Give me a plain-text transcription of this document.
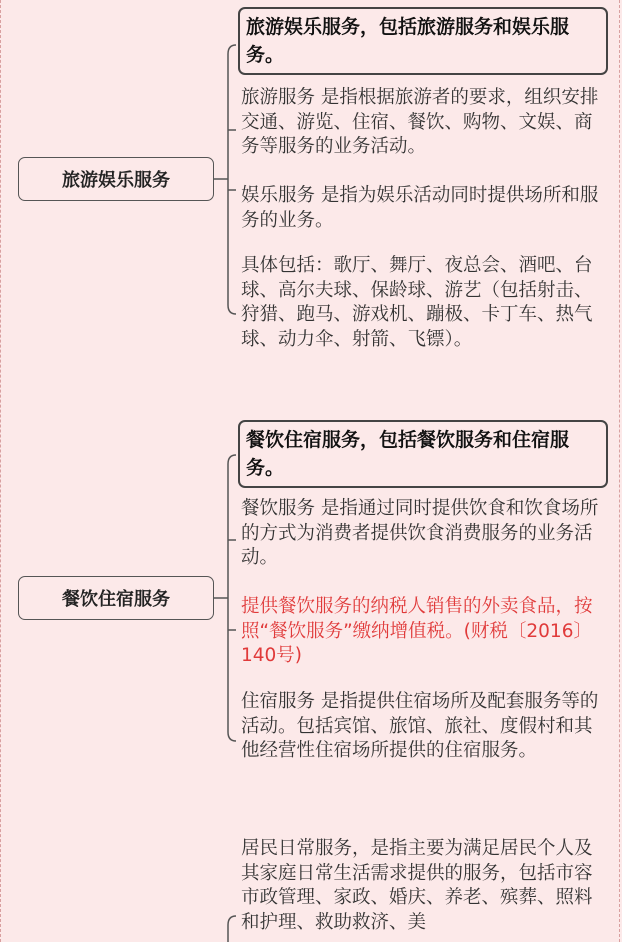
旅游娱乐服务
旅游娱乐服务，包括旅游服务和娱乐服务。
旅游服务 是指根据旅游者的要求，组织安排交通、游览、住宿、餐饮、购物、文娱、商务等服务的业务活动。
娱乐服务 是指为娱乐活动同时提供场所和服务的业务。
具体包括：歌厅、舞厅、夜总会、酒吧、台球、高尔夫球、保龄球、游艺（包括射击、狩猎、跑马、游戏机、蹦极、卡丁车、热气球、动力伞、射箭、飞镖）。
餐饮住宿服务
餐饮住宿服务，包括餐饮服务和住宿服务。
餐饮服务 是指通过同时提供饮食和饮食场所的方式为消费者提供饮食消费服务的业务活动。
提供餐饮服务的纳税人销售的外卖食品，按照“餐饮服务”缴纳增值税。(财税〔2016〕140号)
住宿服务 是指提供住宿场所及配套服务等的活动。包括宾馆、旅馆、旅社、度假村和其他经营性住宿场所提供的住宿服务。
居民日常服务，是指主要为满足居民个人及其家庭日常生活需求提供的服务，包括市容市政管理、家政、婚庆、养老、殡葬、照料和护理、救助救济、美
